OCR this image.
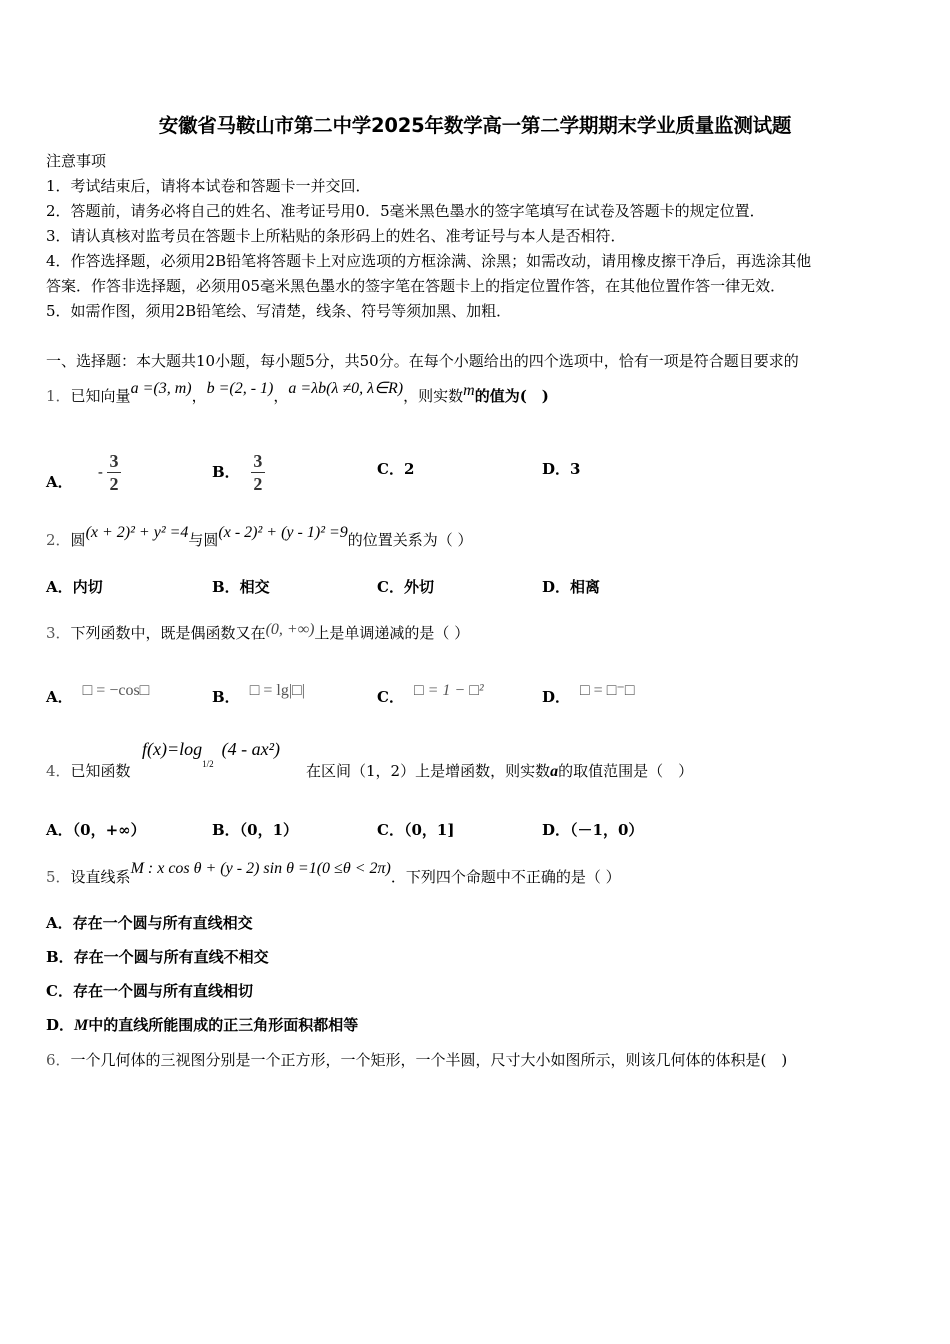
安徽省马鞍山市第二中学2025年数学高一第二学期期末学业质量监测试题
注意事项
1．考试结束后，请将本试卷和答题卡一并交回．
2．答题前，请务必将自己的姓名、准考证号用0．5毫米黑色墨水的签字笔填写在试卷及答题卡的规定位置．
3．请认真核对监考员在答题卡上所粘贴的条形码上的姓名、准考证号与本人是否相符．
4．作答选择题，必须用2B铅笔将答题卡上对应选项的方框涂满、涂黑；如需改动，请用橡皮擦干净后，再选涂其他
答案．作答非选择题，必须用05毫米黑色墨水的签字笔在答题卡上的指定位置作答，在其他位置作答一律无效．
5．如需作图，须用2B铅笔绘、写清楚，线条、符号等须加黑、加粗．
一、选择题：本大题共10小题，每小题5分，共50分。在每个小题给出的四个选项中，恰有一项是符合题目要求的
1．已知向量a =(3, m)，b =(2, - 1)，a =λb(λ ≠0, λ∈R)，则实数m的值为(　)
A．
- $\frac{3}{2}$	B． $\frac{3}{2}$	C．2	D．3
2．圆(x + 2)² + y² =4与圆(x - 2)² + (y - 1)² =9的位置关系为（ ）
A．内切	B．相交	C．外切	D．相离
3．下列函数中，既是偶函数又在(0, +∞)上是单调递减的是（ ）
A． □ = −cos□	B． □ = lg|□|	C． □ = 1 − □²	D． □ = □⁻□
4．已知函数
$f(x)=\log_{1/2}(4 - ax^2)$
在区间（1，2）上是增函数，则实数a的取值范围是（　）
A．（0，+∞）	B．（0，1）	C．（0，1]	D．（－1，0）
5．设直线系M : x cos θ + (y - 2) sin θ =1(0 ≤θ < 2π)．下列四个命题中不正确的是（ ）
A．存在一个圆与所有直线相交
B．存在一个圆与所有直线不相交
C．存在一个圆与所有直线相切
D．M中的直线所能围成的正三角形面积都相等
6．一个几何体的三视图分别是一个正方形，一个矩形，一个半圆，尺寸大小如图所示，则该几何体的体积是(　)
